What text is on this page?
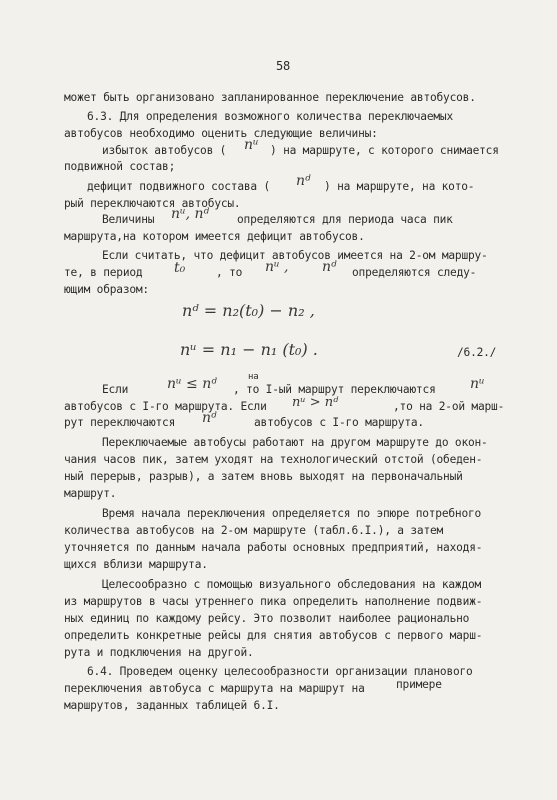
58
может быть организовано запланированное переключение автобусов.
6.3. Для определения возможного количества переключаемых
автобусов необходимо оценить следующие величины:
избыток автобусов ( nᵘ ) на маршруте, с которого снимается
подвижной состав;
дефицит подвижного состава ( nᵈ ) на маршруте, на кото-
рый переключаются автобусы.
Величины nᵘ, nᵈ определяются для периода часа пик
маршрута,на котором имеется дефицит автобусов.
Если считать, что дефицит автобусов имеется на 2-ом маршру-
те, в период t₀	, то nᵘ , nᵈ определяются следу-
ющим образом:
nᵈ = n₂(t₀) − n₂ ,
nᵘ = n₁ − n₁ (t₀) .	/6.2./
на
Если	nᵘ ≤ nᵈ , то I-ый маршрут переключаются nᵘ
автобусов с I-го маршрута. Если nᵘ > nᵈ	,то на 2-ой марш-
рут переключаются nᵈ	автобусов с I-го маршрута.
Переключаемые автобусы работают на другом маршруте до окон-
чания часов пик, затем уходят на технологический отстой (обеден-
ный перерыв, разрыв), а затем вновь выходят на первоначальный
маршрут.
Время начала переключения определяется по эпюре потребного
количества автобусов на 2-ом маршруте (табл.6.I.), а затем
уточняется по данным начала работы основных предприятий, находя-
щихся вблизи маршрута.
Целесообразно с помощью визуального обследования на каждом
из маршрутов в часы утреннего пика определить наполнение подвиж-
ных единиц по каждому рейсу. Это позволит наиболее рационально
определить конкретные рейсы для снятия автобусов с первого марш-
рута и подключения на другой.
6.4. Проведем оценку целесообразности организации планового
переключения автобуса с маршрута на маршрут на	примере
маршрутов, заданных таблицей 6.I.
